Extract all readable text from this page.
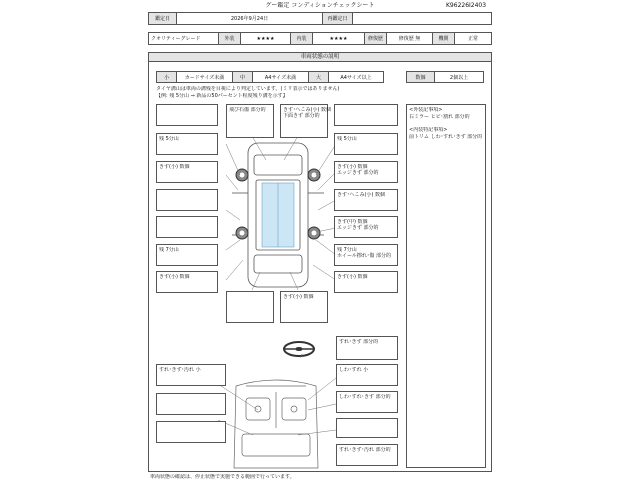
グー鑑定 コンディションチェックシート	K96226I2403
鑑定日	2026年9月24日	再鑑定日
クオリティーグレード	外装	★★★★	内装	★★★★	修復歴	修復歴 無	機関	正常
車両状態の説明
小	カードサイズ未満	中	A4サイズ未満	大	A4サイズ以上	数個	2個以上
タイヤ溝山は車両の溝残を目視により判定しています。(ミリ表示ではありません)
【例: 残 5分山 ⇒ 新品の50パーセント程度残り溝を示す】
<外装記事項>
右ミラー ヒビ･割れ 部分的
<内装特記事項>
前トリム しわ･すれ･きず 部分的
残 5分山
きず(小) 数個
残 7分山
きず(小) 数個
飛び石傷 部分的	きず･へこみ(小) 数個
下面きず 部分的
残 5分山
きず(小) 数個
エッジきず 部分的
きず･へこみ(小) 数個
きず(中) 数個
エッジきず 部分的
残 7分山
ホイール擦れ･傷 部分的
きず(小) 数個
きず(小) 数個
すれ･きず 部分的
すれ･きず･汚れ 小	しわ･すれ 小
しわ･すれ･きず 部分的
すれ･きず･汚れ 部分的
車両状態の確認は、停止状態で実施できる範囲で行っています。
